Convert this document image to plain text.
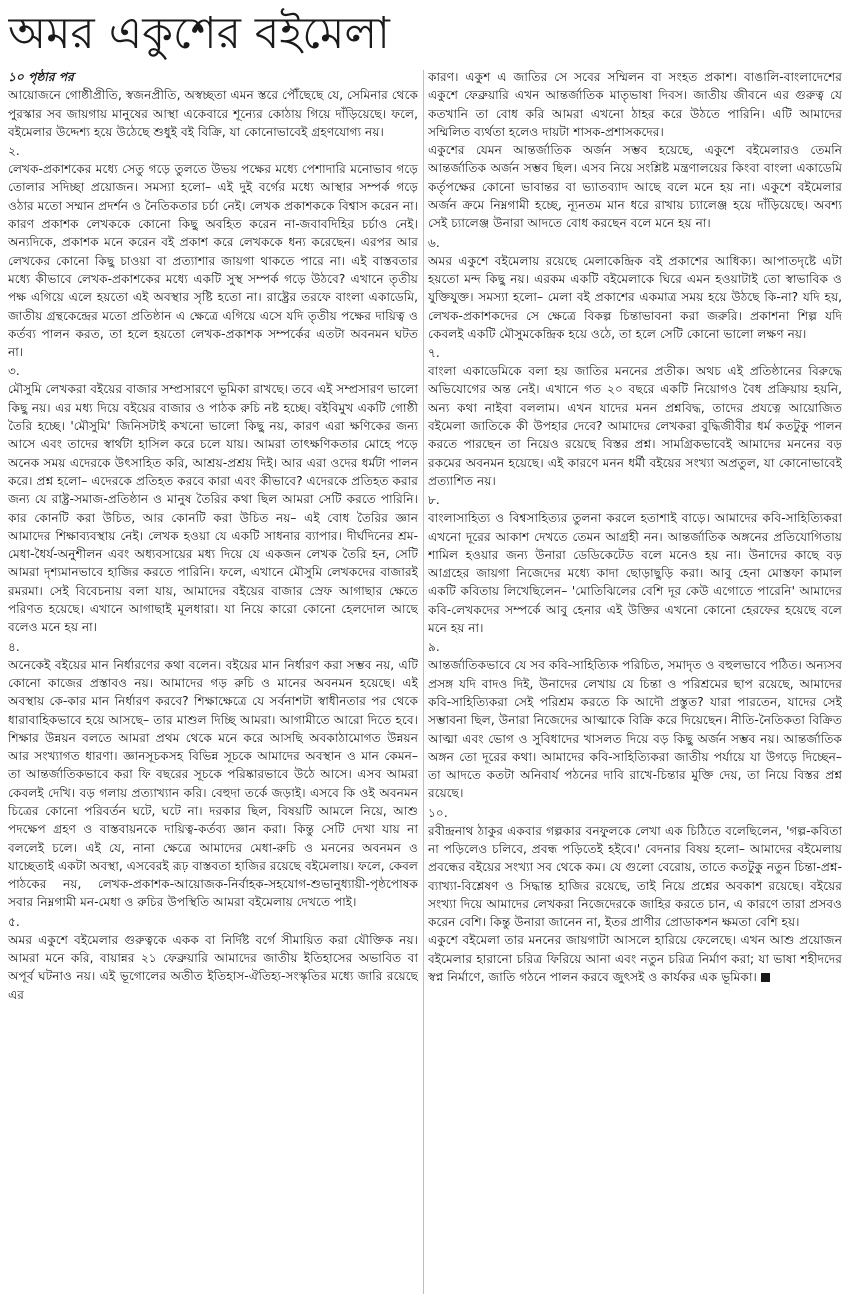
অমর একুশের বইমেলা

১০ পৃষ্ঠার পর

আয়োজনে গোষ্ঠীপ্রীতি, স্বজনপ্রীতি, অস্বচ্ছতা এমন স্তরে পৌঁছেছে যে, সেমিনার থেকে পুরস্কার সব জায়গায় মানুষের আস্থা একেবারে শূন্যের কোঠায় গিয়ে দাঁড়িয়েছে। ফলে, বইমেলার উদ্দেশ্য হয়ে উঠেছে শুধুই বই বিক্রি, যা কোনোভাবেই গ্রহণযোগ্য নয়।

২.

লেখক-প্রকাশকের মধ্যে সেতু গড়ে তুলতে উভয় পক্ষের মধ্যে পেশাদারি মনোভাব গড়ে তোলার সদিচ্ছা প্রয়োজন। সমস্যা হলো– এই দুই বর্গের মধ্যে আস্থার সম্পর্ক গড়ে ওঠার মতো সম্মান প্রদর্শন ও নৈতিকতার চর্চা নেই। লেখক প্রকাশককে বিশ্বাস করেন না। কারণ প্রকাশক লেখককে কোনো কিছু অবহিত করেন না-জবাবদিহির চর্চাও নেই। অন্যদিকে, প্রকাশক মনে করেন বই প্রকাশ করে লেখককে ধন্য করেছেন। এরপর আর লেখকের কোনো কিছু চাওয়া বা প্রত্যাশার জায়গা থাকতে পারে না। এই বাস্তবতার মধ্যে কীভাবে লেখক-প্রকাশকের মধ্যে একটি সুস্থ সম্পর্ক গড়ে উঠবে? এখানে তৃতীয় পক্ষ এগিয়ে এলে হয়তো এই অবস্থার সৃষ্টি হতো না। রাষ্ট্রের তরফে বাংলা একাডেমি, জাতীয় গ্রন্থকেন্দ্রের মতো প্রতিষ্ঠান এ ক্ষেত্রে এগিয়ে এসে যদি তৃতীয় পক্ষের দায়িত্ব ও কর্তব্য পালন করত, তা হলে হয়তো লেখক-প্রকাশক সম্পর্কের এতটা অবনমন ঘটত না।

৩.

মৌসুমি লেখকরা বইয়ের বাজার সম্প্রসারণে ভূমিকা রাখছে। তবে এই সম্প্রসারণ ভালো কিছু নয়। এর মধ্য দিয়ে বইয়ের বাজার ও পাঠক রুচি নষ্ট হচ্ছে। বইবিমুখ একটি গোষ্ঠী তৈরি হচ্ছে। 'মৌসুমি' জিনিসটাই কখনো ভালো কিছু নয়, কারণ এরা ক্ষণিকের জন্য আসে এবং তাদের স্বার্থটা হাসিল করে চলে যায়। আমরা তাৎক্ষণিকতার মোহে পড়ে অনেক সময় এদেরকে উৎসাহিত করি, আশ্রয়-প্রশ্রয় দিই। আর এরা ওদের ধর্মটা পালন করে। প্রশ্ন হলো– এদেরকে প্রতিহত করবে কারা এবং কীভাবে? এদেরকে প্রতিহত করার জন্য যে রাষ্ট্র-সমাজ-প্রতিষ্ঠান ও মানুষ তৈরির কথা ছিল আমরা সেটি করতে পারিনি। কার কোনটি করা উচিত, আর কোনটি করা উচিত নয়– এই বোধ তৈরির জ্ঞান আমাদের শিক্ষাব্যবস্থায় নেই। লেখক হওয়া যে একটি সাধনার ব্যাপার। দীর্ঘদিনের শ্রম-মেধা-ধৈর্য-অনুশীলন এবং অধ্যবসায়ের মধ্য দিয়ে যে একজন লেখক তৈরি হন, সেটি আমরা দৃশ্যমানভাবে হাজির করতে পারিনি। ফলে, এখানে মৌসুমি লেখকদের বাজারই রমরমা। সেই বিবেচনায় বলা যায়, আমাদের বইয়ের বাজার স্রেফ আগাছার ক্ষেতে পরিণত হয়েছে। এখানে আগাছাই মূলধারা। যা নিয়ে কারো কোনো হেলদোল আছে বলেও মনে হয় না।

৪.

অনেকেই বইয়ের মান নির্ধারণের কথা বলেন। বইয়ের মান নির্ধারণ করা সম্ভব নয়, এটি কোনো কাজের প্রস্তাবও নয়। আমাদের গড় রুচি ও মানের অবনমন হয়েছে। এই অবস্থায় কে-কার মান নির্ধারণ করবে? শিক্ষাক্ষেত্রে যে সর্বনাশটা স্বাধীনতার পর থেকে ধারাবাহিকভাবে হয়ে আসছে– তার মাশুল দিচ্ছি আমরা। আগামীতে আরো দিতে হবে। শিক্ষার উন্নয়ন বলতে আমরা প্রথম থেকে মনে করে আসছি অবকাঠামোগত উন্নয়ন আর সংখ্যাগত ধারণা। জ্ঞানসূচকসহ বিভিন্ন সূচকে আমাদের অবস্থান ও মান কেমন– তা আন্তর্জাতিকভাবে করা ফি বছরের সূচকে পরিষ্কারভাবে উঠে আসে। এসব আমরা কেবলই দেখি। বড় গলায় প্রত্যাখ্যান করি। বেহুদা তর্কে জড়াই। এসবে কি ওই অবনমন চিত্রের কোনো পরিবর্তন ঘটে, ঘটে না। দরকার ছিল, বিষয়টি আমলে নিয়ে, আশু পদক্ষেপ গ্রহণ ও বাস্তবায়নকে দায়িত্ব-কর্তব্য জ্ঞান করা। কিন্তু সেটি দেখা যায় না বললেই চলে। এই যে, নানা ক্ষেত্রে আমাদের মেধা-রুচি ও মননের অবনমন ও যাচ্ছেতাই একটা অবস্থা, এসবেরই রূঢ় বাস্তবতা হাজির রয়েছে বইমেলায়। ফলে, কেবল পাঠকের নয়, লেখক-প্রকাশক-আয়োজক-নির্বাহক-সহযোগ-শুভানুধ্যায়ী-পৃষ্ঠপোষক সবার নিম্নগামী মন-মেধা ও রুচির উপস্থিতি আমরা বইমেলায় দেখতে পাই।

৫.

অমর একুশে বইমেলার গুরুত্বকে একক বা নির্দিষ্ট বর্গে সীমায়িত করা যৌক্তিক নয়। আমরা মনে করি, বায়ান্নর ২১ ফেব্রুয়ারি আমাদের জাতীয় ইতিহাসের অভাবিত বা অপূর্ব ঘটনাও নয়। এই ভূগোলের অতীত ইতিহাস-ঐতিহ্য-সংস্কৃতির মধ্যে জারি রয়েছে এর

কারণ। একুশ এ জাতির সে সবের সম্মিলন বা সংহত প্রকাশ। বাঙালি-বাংলাদেশের একুশে ফেব্রুয়ারি এখন আন্তর্জাতিক মাতৃভাষা দিবস। জাতীয় জীবনে এর গুরুত্ব যে কতখানি তা বোধ করি আমরা এখনো ঠাহর করে উঠতে পারিনি। এটি আমাদের সম্মিলিত ব্যর্থতা হলেও দায়টা শাসক-প্রশাসকদের।

একুশের যেমন আন্তর্জাতিক অর্জন সম্ভব হয়েছে, একুশে বইমেলারও তেমনি আন্তর্জাতিক অর্জন সম্ভব ছিল। এসব নিয়ে সংশ্লিষ্ট মন্ত্রণালয়ের কিংবা বাংলা একাডেমি কর্তৃপক্ষের কোনো ভাবান্তর বা ভ্যাতব্যাদ আছে বলে মনে হয় না। একুশে বইমেলার অর্জন ক্রমে নিম্নগামী হচ্ছে, ন্যূনতম মান ধরে রাখায় চ্যালেঞ্জ হয়ে দাঁড়িয়েছে। অবশ্য সেই চ্যালেঞ্জ উনারা আদতে বোধ করছেন বলে মনে হয় না।

৬.

অমর একুশে বইমেলায় রয়েছে মেলাকেন্দ্রিক বই প্রকাশের আধিক্য। আপাতদৃষ্টে এটা হয়তো মন্দ কিছু নয়। এরকম একটি বইমেলাকে ঘিরে এমন হওয়াটাই তো স্বাভাবিক ও যুক্তিযুক্ত। সমস্যা হলো– মেলা বই প্রকাশের একমাত্র সময় হয়ে উঠছে কি-না? যদি হয়, লেখক-প্রকাশকদের সে ক্ষেত্রে বিকল্প চিন্তাভাবনা করা জরুরি। প্রকাশনা শিল্প যদি কেবলই একটি মৌসুমকেন্দ্রিক হয়ে ওঠে, তা হলে সেটি কোনো ভালো লক্ষণ নয়।

৭.

বাংলা একাডেমিকে বলা হয় জাতির মননের প্রতীক। অথচ এই প্রতিষ্ঠানের বিরুদ্ধে অভিযোগের অন্ত নেই। এখানে গত ২০ বছরে একটি নিয়োগও বৈধ প্রক্রিয়ায় হয়নি, অন্য কথা নাইবা বললাম। এখন যাদের মনন প্রশ্নবিদ্ধ, তাদের প্রযত্নে আয়োজিত বইমেলা জাতিকে কী উপহার দেবে? আমাদের লেখকরা বুদ্ধিজীবীর ধর্ম কতটুকু পালন করতে পারছেন তা নিয়েও রয়েছে বিস্তর প্রশ্ন। সামগ্রিকভাবেই আমাদের মননের বড় রকমের অবনমন হয়েছে। এই কারণে মনন ধর্মী বইয়ের সংখ্যা অপ্রতুল, যা কোনোভাবেই প্রত্যাশিত নয়।

৮.

বাংলাসাহিত্য ও বিশ্বসাহিত্যর তুলনা করলে হতাশাই বাড়ে। আমাদের কবি-সাহিত্যিকরা এখনো দূরের আকাশ দেখতে তেমন আগ্রহী নন। আন্তর্জাতিক অঙ্গনের প্রতিযোগিতায় শামিল হওয়ার জন্য উনারা ডেডিকেটেড বলে মনেও হয় না। উনাদের কাছে বড় আগ্রহের জায়গা নিজেদের মধ্যে কাদা ছোড়াছুড়ি করা। আবু হেনা মোস্তফা কামাল একটি কবিতায় লিখেছিলেন– 'মোতিঝিলের বেশি দূর কেউ এগোতে পারেনি' আমাদের কবি-লেখকদের সম্পর্কে আবু হেনার এই উক্তির এখনো কোনো হেরফের হয়েছে বলে মনে হয় না।

৯.

আন্তর্জাতিকভাবে যে সব কবি-সাহিত্যিক পরিচিত, সমাদৃত ও বহুলভাবে পঠিত। অন্যসব প্রসঙ্গ যদি বাদও দিই, উনাদের লেখায় যে চিন্তা ও পরিশ্রমের ছাপ রয়েছে, আমাদের কবি-সাহিত্যিকরা সেই পরিশ্রম করতে কি আদৌ প্রস্তুত? যারা পারতেন, যাদের সেই সম্ভাবনা ছিল, উনারা নিজেদের আত্মাকে বিক্রি করে দিয়েছেন। নীতি-নৈতিকতা বিক্রিত আত্মা এবং ভোগ ও সুবিধাদের খাসলত দিয়ে বড় কিছু অর্জন সম্ভব নয়। আন্তর্জাতিক অঙ্গন তো দূরের কথা। আমাদের কবি-সাহিত্যিকরা জাতীয় পর্যায়ে যা উগড়ে দিচ্ছেন– তা আদতে কতটা অনিবার্য পঠনের দাবি রাখে-চিন্তার মুক্তি দেয়, তা নিয়ে বিস্তর প্রশ্ন রয়েছে।

১০.

রবীন্দ্রনাথ ঠাকুর একবার গল্পকার বনফুলকে লেখা এক চিঠিতে বলেছিলেন, 'গল্প-কবিতা না পড়িলেও চলিবে, প্রবন্ধ পড়িতেই হইবে।' বেদনার বিষয় হলো– আমাদের বইমেলায় প্রবন্ধের বইয়ের সংখ্যা সব থেকে কম। যে গুলো বেরোয়, তাতে কতটুকু নতুন চিন্তা-প্রশ্ন-ব্যাখ্যা-বিশ্লেষণ ও সিদ্ধান্ত হাজির রয়েছে, তাই নিয়ে প্রশ্নের অবকাশ রয়েছে। বইয়ের সংখ্যা দিয়ে আমাদের লেখকরা নিজেদেরকে জাহির করতে চান, এ কারণে তারা প্রসবও করেন বেশি। কিন্তু উনারা জানেন না, ইতর প্রাণীর প্রোডাকশন ক্ষমতা বেশি হয়।

একুশে বইমেলা তার মননের জায়গাটা আসলে হারিয়ে ফেলেছে। এখন আশু প্রয়োজন বইমেলার হারানো চরিত্র ফিরিয়ে আনা এবং নতুন চরিত্র নির্মাণ করা; যা ভাষা শহীদদের স্বপ্ন নির্মাণে, জাতি গঠনে পালন করবে জুৎসই ও কার্যকর এক ভূমিকা।
